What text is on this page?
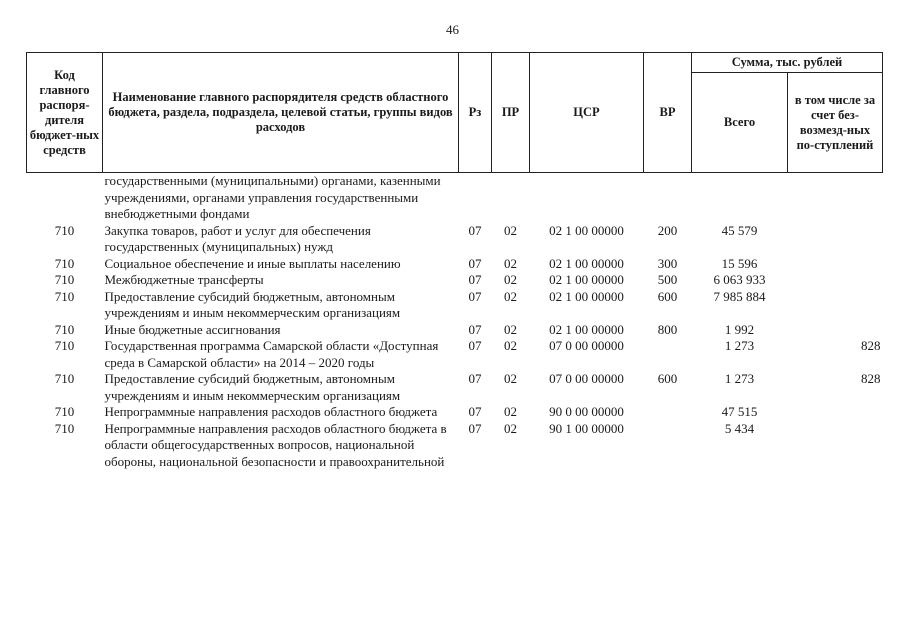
46
Код главного распоря-дителя бюджет-ных средств	Наименование главного распорядителя средств областного бюджета, раздела, подраздела, целевой статьи, группы видов расходов	Рз	ПР	ЦСР	ВР	Сумма, тыс. рублей	
						Всего	в том числе за счет без-возмезд-ных по-ступлений
	государственными (муниципальными) органами, казенными учреждениями, органами управления государственными внебюджетными фондами						
710	Закупка товаров, работ и услуг для обеспечения государственных (муниципальных) нужд	07	02	02 1 00 00000	200	45 579	
710	Социальное обеспечение и иные выплаты населению	07	02	02 1 00 00000	300	15 596	
710	Межбюджетные трансферты	07	02	02 1 00 00000	500	6 063 933	
710	Предоставление субсидий бюджетным, автономным учреждениям и иным некоммерческим организациям	07	02	02 1 00 00000	600	7 985 884	
710	Иные бюджетные ассигнования	07	02	02 1 00 00000	800	1 992	
710	Государственная программа Самарской области «Доступная среда в Самарской области» на 2014 – 2020 годы	07	02	07 0 00 00000		1 273	828
710	Предоставление субсидий бюджетным, автономным учреждениям и иным некоммерческим организациям	07	02	07 0 00 00000	600	1 273	828
710	Непрограммные направления расходов областного бюджета	07	02	90 0 00 00000		47 515	
710	Непрограммные направления расходов областного бюджета в области общегосударственных вопросов, национальной обороны, национальной безопасности и правоохранительной	07	02	90 1 00 00000		5 434	
